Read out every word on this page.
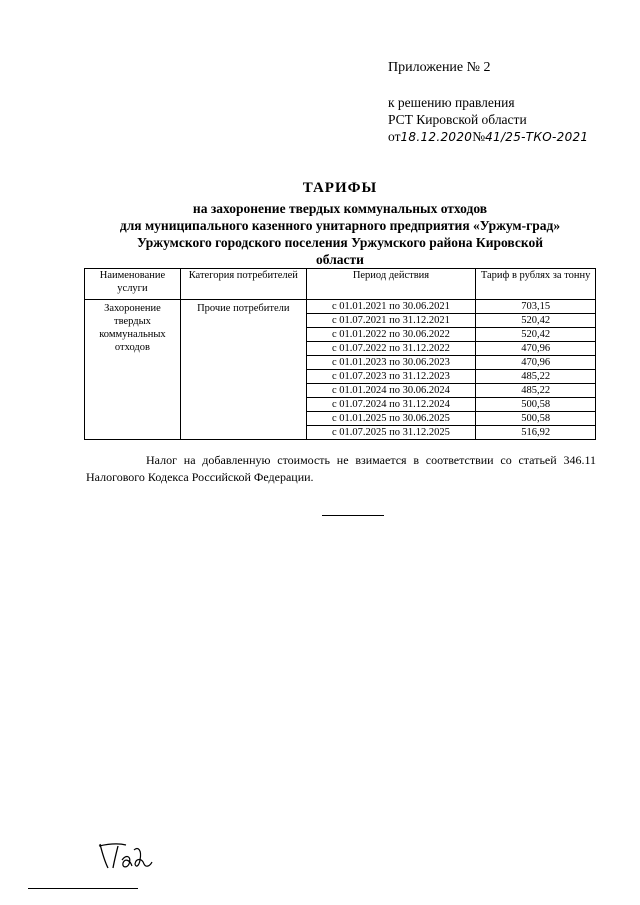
Приложение № 2
к решению правления
РСТ Кировской области
от18.12.2020№41/25-ТКО-2021
ТАРИФЫ
на захоронение твердых коммунальных отходов
для муниципального казенного унитарного предприятия «Уржум-град»
Уржумского городского поселения Уржумского района Кировской
области
Наименование услуги	Категория потребителей	Период действия	Тариф в рублях за тонну
Захоронение твердых коммунальных отходов	Прочие потребители	с 01.01.2021 по 30.06.2021	703,15
		с 01.07.2021 по 31.12.2021	520,42
		с 01.01.2022 по 30.06.2022	520,42
		с 01.07.2022 по 31.12.2022	470,96
		с 01.01.2023 по 30.06.2023	470,96
		с 01.07.2023 по 31.12.2023	485,22
		с 01.01.2024 по 30.06.2024	485,22
		с 01.07.2024 по 31.12.2024	500,58
		с 01.01.2025 по 30.06.2025	500,58
		с 01.07.2025 по 31.12.2025	516,92
Налог на добавленную стоимость не взимается в соответствии со статьей 346.11 Налогового Кодекса Российской Федерации.
